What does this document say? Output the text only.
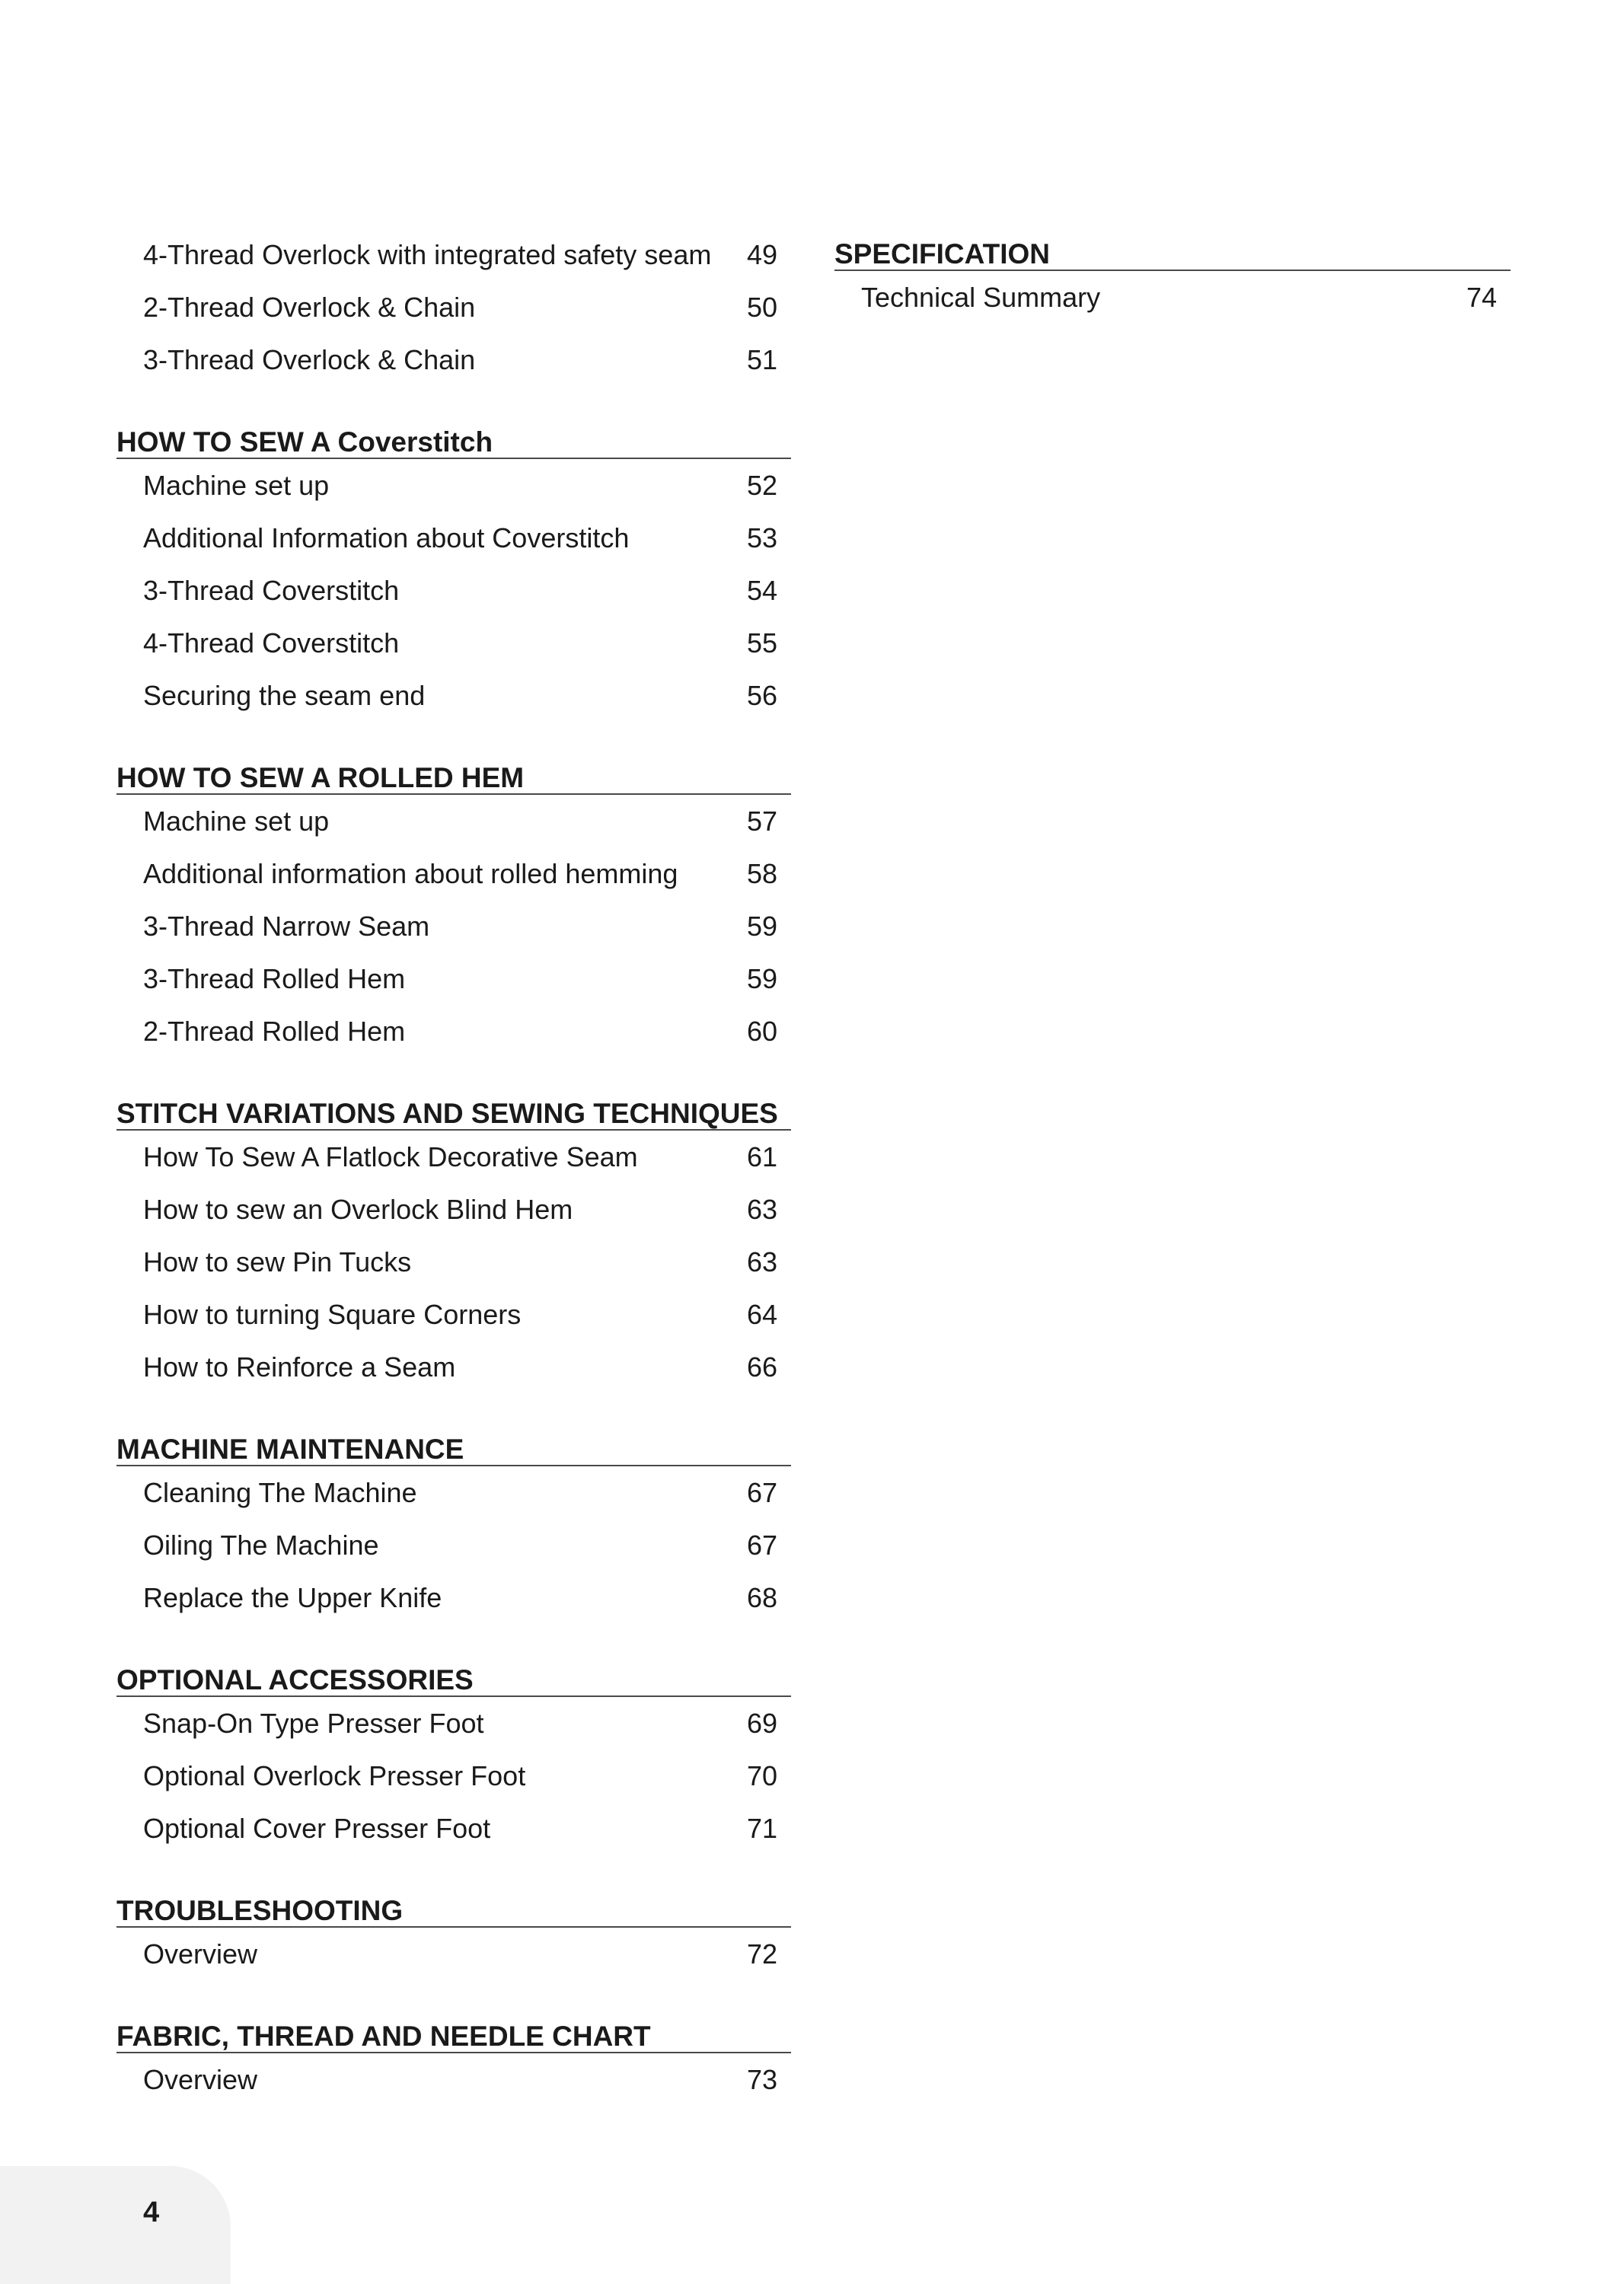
4-Thread Overlock with integrated safety seam 49
2-Thread Overlock & Chain	50
3-Thread Overlock & Chain	51
HOW TO SEW A Coverstitch
Machine set up	52
Additional Information about Coverstitch	53
3-Thread Coverstitch	54
4-Thread Coverstitch	55
Securing the seam end	56
HOW TO SEW A ROLLED HEM
Machine set up	57
Additional information about rolled hemming	58
3-Thread Narrow Seam	59
3-Thread Rolled Hem	59
2-Thread Rolled Hem	60
STITCH VARIATIONS AND SEWING TECHNIQUES
How To Sew A Flatlock Decorative Seam	61
How to sew an Overlock Blind Hem	63
How to sew Pin Tucks	63
How to turning Square Corners	64
How to Reinforce a Seam	66
MACHINE MAINTENANCE
Cleaning The Machine	67
Oiling The Machine	67
Replace the Upper Knife	68
OPTIONAL ACCESSORIES
Snap-On Type Presser Foot	69
Optional Overlock Presser Foot	70
Optional Cover Presser Foot	71
TROUBLESHOOTING
Overview	72
FABRIC, THREAD AND NEEDLE CHART
Overview	73
SPECIFICATION
Technical Summary	74
4
